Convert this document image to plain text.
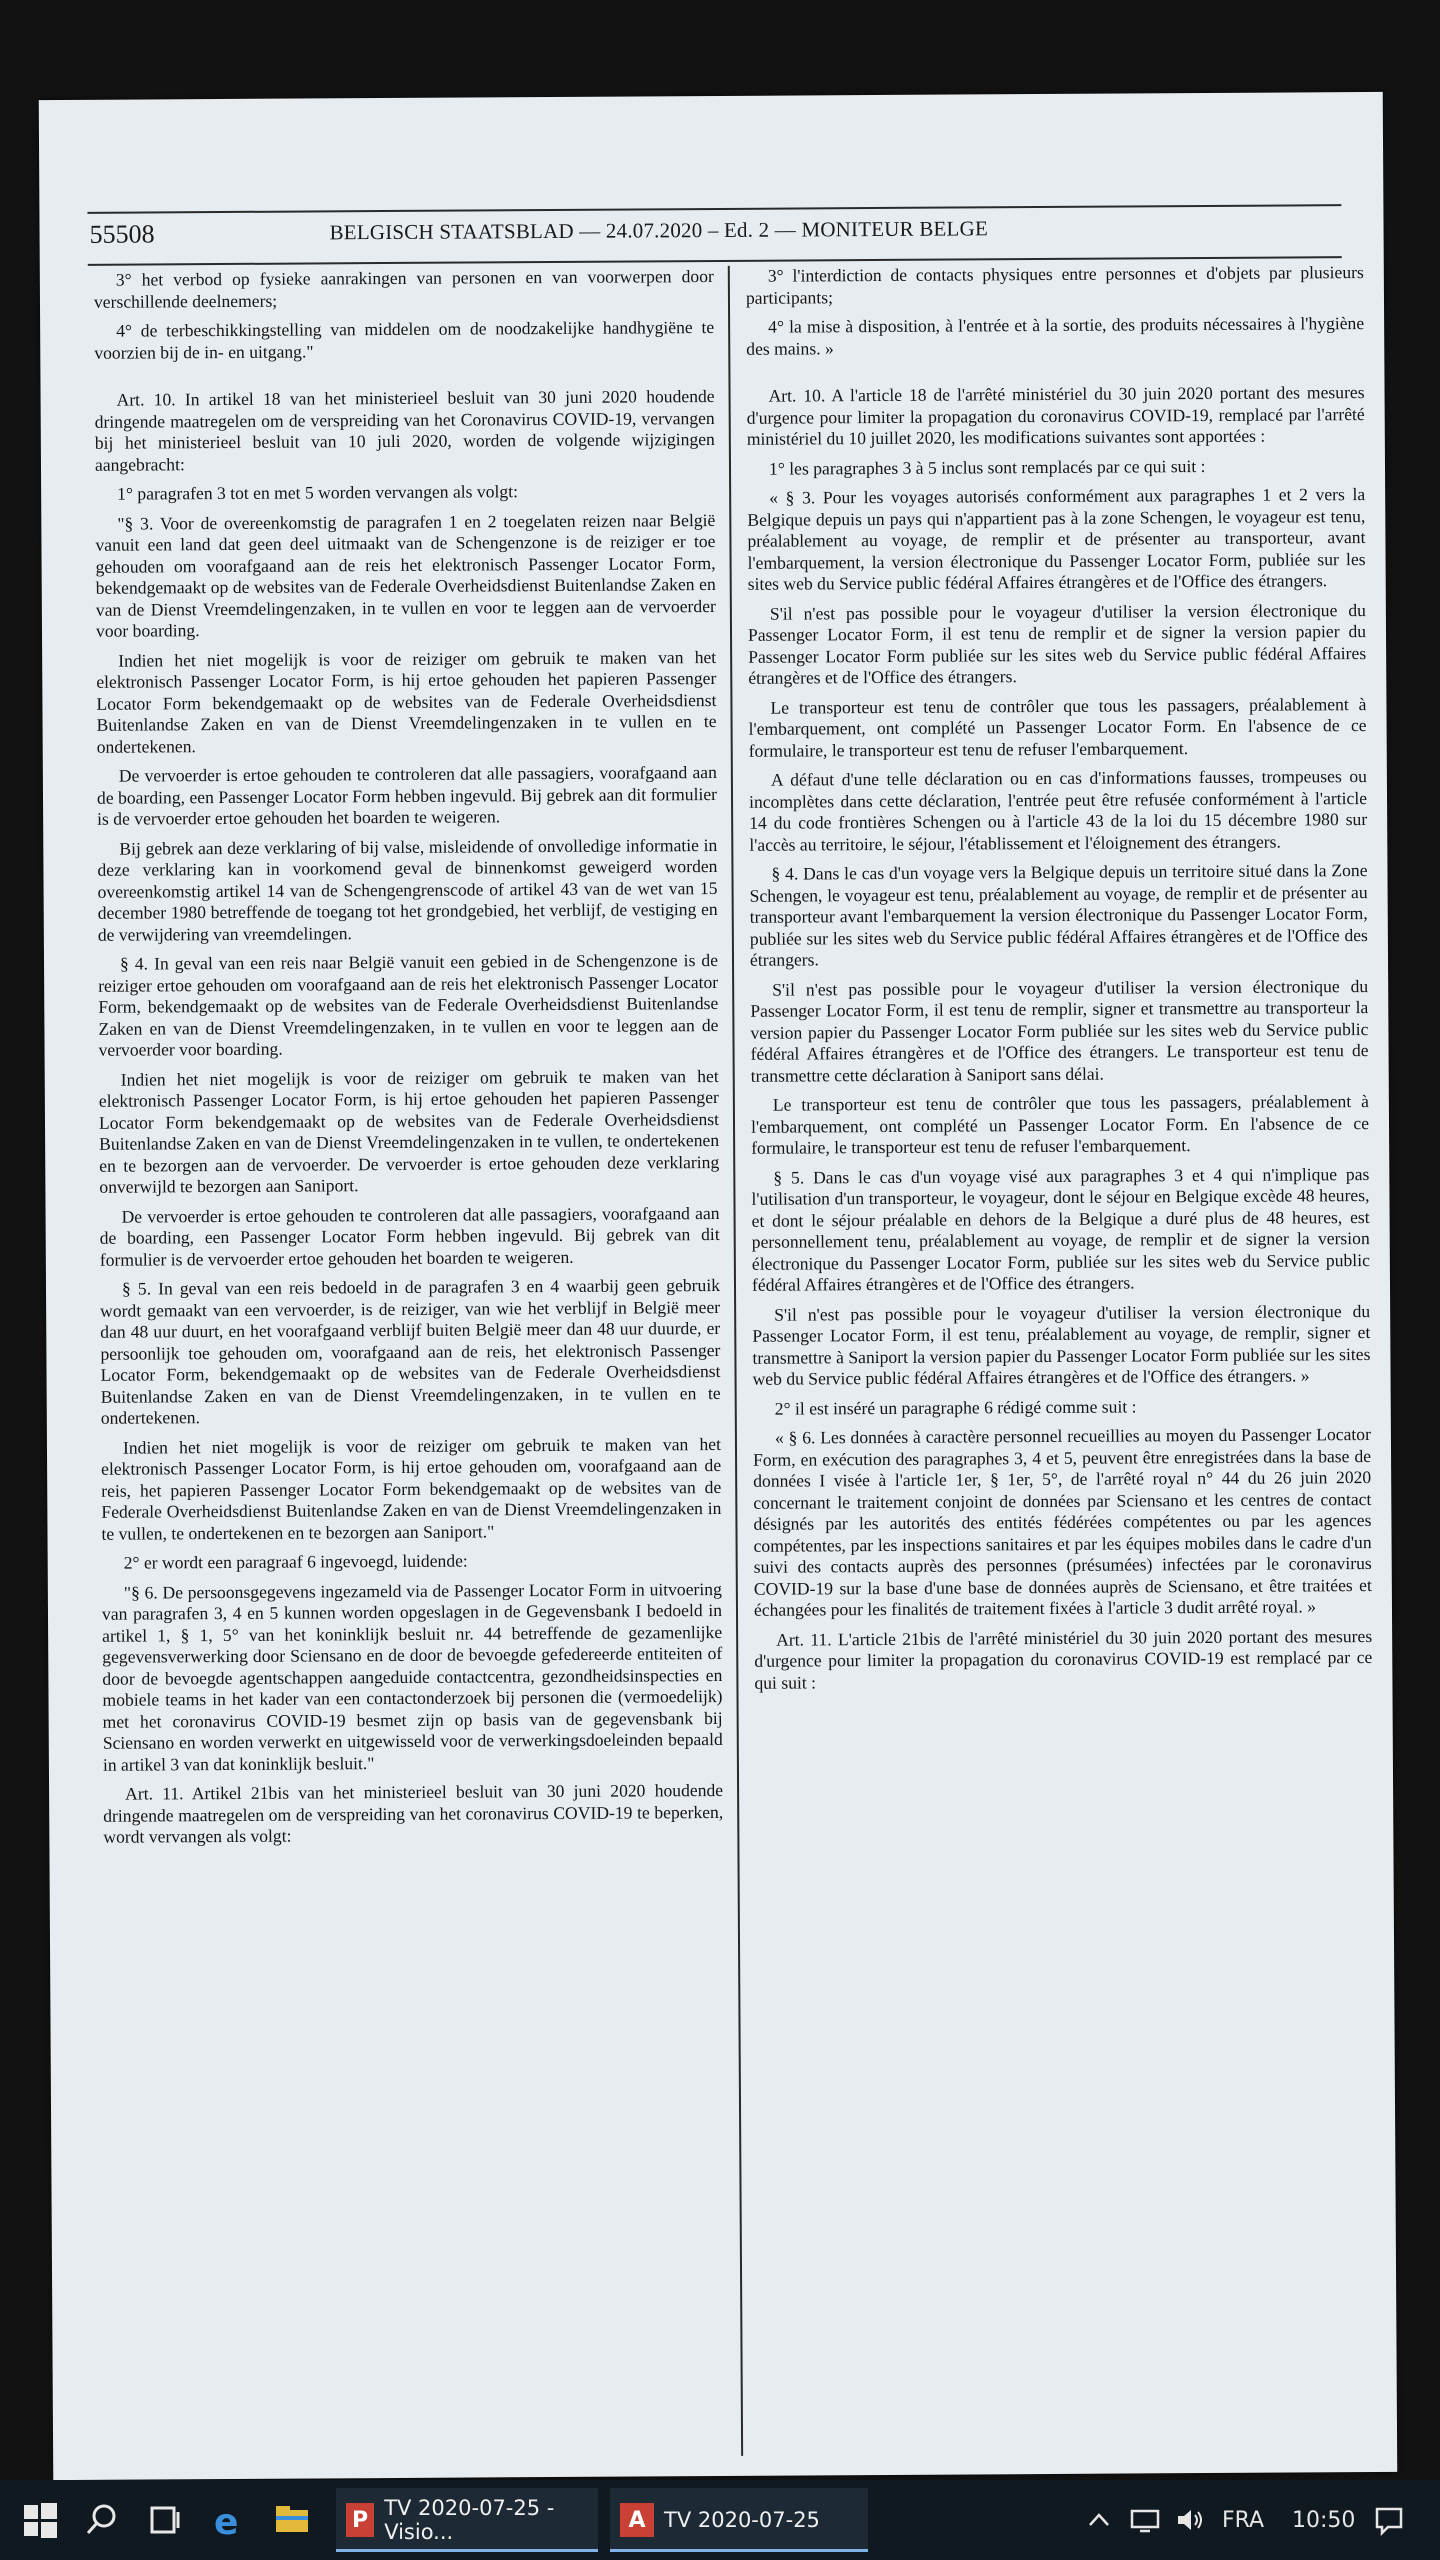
55508	BELGISCH STAATSBLAD — 24.07.2020 – Ed. 2 — MONITEUR BELGE

3° het verbod op fysieke aanrakingen van personen en van voorwerpen door verschillende deelnemers;

4° de terbeschikkingstelling van middelen om de noodzakelijke handhygiëne te voorzien bij de in- en uitgang."

Art. 10. In artikel 18 van het ministerieel besluit van 30 juni 2020 houdende dringende maatregelen om de verspreiding van het Coronavirus COVID-19, vervangen bij het ministerieel besluit van 10 juli 2020, worden de volgende wijzigingen aangebracht:

1° paragrafen 3 tot en met 5 worden vervangen als volgt:

"§ 3. Voor de overeenkomstig de paragrafen 1 en 2 toegelaten reizen naar België vanuit een land dat geen deel uitmaakt van de Schengenzone is de reiziger er toe gehouden om voorafgaand aan de reis het elektronisch Passenger Locator Form, bekendgemaakt op de websites van de Federale Overheidsdienst Buitenlandse Zaken en van de Dienst Vreemdelingenzaken, in te vullen en voor te leggen aan de vervoerder voor boarding.

Indien het niet mogelijk is voor de reiziger om gebruik te maken van het elektronisch Passenger Locator Form, is hij ertoe gehouden het papieren Passenger Locator Form bekendgemaakt op de websites van de Federale Overheidsdienst Buitenlandse Zaken en van de Dienst Vreemdelingenzaken in te vullen en te ondertekenen.

De vervoerder is ertoe gehouden te controleren dat alle passagiers, voorafgaand aan de boarding, een Passenger Locator Form hebben ingevuld. Bij gebrek aan dit formulier is de vervoerder ertoe gehouden het boarden te weigeren.

Bij gebrek aan deze verklaring of bij valse, misleidende of onvolledige informatie in deze verklaring kan in voorkomend geval de binnenkomst geweigerd worden overeenkomstig artikel 14 van de Schengengrenscode of artikel 43 van de wet van 15 december 1980 betreffende de toegang tot het grondgebied, het verblijf, de vestiging en de verwijdering van vreemdelingen.

§ 4. In geval van een reis naar België vanuit een gebied in de Schengenzone is de reiziger ertoe gehouden om voorafgaand aan de reis het elektronisch Passenger Locator Form, bekendgemaakt op de websites van de Federale Overheidsdienst Buitenlandse Zaken en van de Dienst Vreemdelingenzaken, in te vullen en voor te leggen aan de vervoerder voor boarding.

Indien het niet mogelijk is voor de reiziger om gebruik te maken van het elektronisch Passenger Locator Form, is hij ertoe gehouden het papieren Passenger Locator Form bekendgemaakt op de websites van de Federale Overheidsdienst Buitenlandse Zaken en van de Dienst Vreemdelingenzaken in te vullen, te ondertekenen en te bezorgen aan de vervoerder. De vervoerder is ertoe gehouden deze verklaring onverwijld te bezorgen aan Saniport.

De vervoerder is ertoe gehouden te controleren dat alle passagiers, voorafgaand aan de boarding, een Passenger Locator Form hebben ingevuld. Bij gebrek van dit formulier is de vervoerder ertoe gehouden het boarden te weigeren.

§ 5. In geval van een reis bedoeld in de paragrafen 3 en 4 waarbij geen gebruik wordt gemaakt van een vervoerder, is de reiziger, van wie het verblijf in België meer dan 48 uur duurt, en het voorafgaand verblijf buiten België meer dan 48 uur duurde, er persoonlijk toe gehouden om, voorafgaand aan de reis, het elektronisch Passenger Locator Form, bekendgemaakt op de websites van de Federale Overheidsdienst Buitenlandse Zaken en van de Dienst Vreemdelingenzaken, in te vullen en te ondertekenen.

Indien het niet mogelijk is voor de reiziger om gebruik te maken van het elektronisch Passenger Locator Form, is hij ertoe gehouden om, voorafgaand aan de reis, het papieren Passenger Locator Form bekendgemaakt op de websites van de Federale Overheidsdienst Buitenlandse Zaken en van de Dienst Vreemdelingenzaken in te vullen, te ondertekenen en te bezorgen aan Saniport."

2° er wordt een paragraaf 6 ingevoegd, luidende:

"§ 6. De persoonsgegevens ingezameld via de Passenger Locator Form in uitvoering van paragrafen 3, 4 en 5 kunnen worden opgeslagen in de Gegevensbank I bedoeld in artikel 1, § 1, 5° van het koninklijk besluit nr. 44 betreffende de gezamenlijke gegevensverwerking door Sciensano en de door de bevoegde gefedereerde entiteiten of door de bevoegde agentschappen aangeduide contactcentra, gezondheidsinspecties en mobiele teams in het kader van een contactonderzoek bij personen die (vermoedelijk) met het coronavirus COVID-19 besmet zijn op basis van de gegevensbank bij Sciensano en worden verwerkt en uitgewisseld voor de verwerkingsdoeleinden bepaald in artikel 3 van dat koninklijk besluit."

Art. 11. Artikel 21bis van het ministerieel besluit van 30 juni 2020 houdende dringende maatregelen om de verspreiding van het coronavirus COVID-19 te beperken, wordt vervangen als volgt:

3° l'interdiction de contacts physiques entre personnes et d'objets par plusieurs participants;

4° la mise à disposition, à l'entrée et à la sortie, des produits nécessaires à l'hygiène des mains. »

Art. 10. A l'article 18 de l'arrêté ministériel du 30 juin 2020 portant des mesures d'urgence pour limiter la propagation du coronavirus COVID-19, remplacé par l'arrêté ministériel du 10 juillet 2020, les modifications suivantes sont apportées :

1° les paragraphes 3 à 5 inclus sont remplacés par ce qui suit :

« § 3. Pour les voyages autorisés conformément aux paragraphes 1 et 2 vers la Belgique depuis un pays qui n'appartient pas à la zone Schengen, le voyageur est tenu, préalablement au voyage, de remplir et de présenter au transporteur, avant l'embarquement, la version électronique du Passenger Locator Form, publiée sur les sites web du Service public fédéral Affaires étrangères et de l'Office des étrangers.

S'il n'est pas possible pour le voyageur d'utiliser la version électronique du Passenger Locator Form, il est tenu de remplir et de signer la version papier du Passenger Locator Form publiée sur les sites web du Service public fédéral Affaires étrangères et de l'Office des étrangers.

Le transporteur est tenu de contrôler que tous les passagers, préalablement à l'embarquement, ont complété un Passenger Locator Form. En l'absence de ce formulaire, le transporteur est tenu de refuser l'embarquement.

A défaut d'une telle déclaration ou en cas d'informations fausses, trompeuses ou incomplètes dans cette déclaration, l'entrée peut être refusée conformément à l'article 14 du code frontières Schengen ou à l'article 43 de la loi du 15 décembre 1980 sur l'accès au territoire, le séjour, l'établissement et l'éloignement des étrangers.

§ 4. Dans le cas d'un voyage vers la Belgique depuis un territoire situé dans la Zone Schengen, le voyageur est tenu, préalablement au voyage, de remplir et de présenter au transporteur avant l'embarquement la version électronique du Passenger Locator Form, publiée sur les sites web du Service public fédéral Affaires étrangères et de l'Office des étrangers.

S'il n'est pas possible pour le voyageur d'utiliser la version électronique du Passenger Locator Form, il est tenu de remplir, signer et transmettre au transporteur la version papier du Passenger Locator Form publiée sur les sites web du Service public fédéral Affaires étrangères et de l'Office des étrangers. Le transporteur est tenu de transmettre cette déclaration à Saniport sans délai.

Le transporteur est tenu de contrôler que tous les passagers, préalablement à l'embarquement, ont complété un Passenger Locator Form. En l'absence de ce formulaire, le transporteur est tenu de refuser l'embarquement.

§ 5. Dans le cas d'un voyage visé aux paragraphes 3 et 4 qui n'implique pas l'utilisation d'un transporteur, le voyageur, dont le séjour en Belgique excède 48 heures, et dont le séjour préalable en dehors de la Belgique a duré plus de 48 heures, est personnellement tenu, préalablement au voyage, de remplir et de signer la version électronique du Passenger Locator Form, publiée sur les sites web du Service public fédéral Affaires étrangères et de l'Office des étrangers.

S'il n'est pas possible pour le voyageur d'utiliser la version électronique du Passenger Locator Form, il est tenu, préalablement au voyage, de remplir, signer et transmettre à Saniport la version papier du Passenger Locator Form publiée sur les sites web du Service public fédéral Affaires étrangères et de l'Office des étrangers. »

2° il est inséré un paragraphe 6 rédigé comme suit :

« § 6. Les données à caractère personnel recueillies au moyen du Passenger Locator Form, en exécution des paragraphes 3, 4 et 5, peuvent être enregistrées dans la base de données I visée à l'article 1er, § 1er, 5°, de l'arrêté royal n° 44 du 26 juin 2020 concernant le traitement conjoint de données par Sciensano et les centres de contact désignés par les autorités des entités fédérées compétentes ou par les agences compétentes, par les inspections sanitaires et par les équipes mobiles dans le cadre d'un suivi des contacts auprès des personnes (présumées) infectées par le coronavirus COVID-19 sur la base d'une base de données auprès de Sciensano, et être traitées et échangées pour les finalités de traitement fixées à l'article 3 dudit arrêté royal. »

Art. 11. L'article 21bis de l'arrêté ministériel du 30 juin 2020 portant des mesures d'urgence pour limiter la propagation du coronavirus COVID-19 est remplacé par ce qui suit :

e	P TV 2020-07-25 - Visio...	A TV 2020-07-25	FRA 10:50
